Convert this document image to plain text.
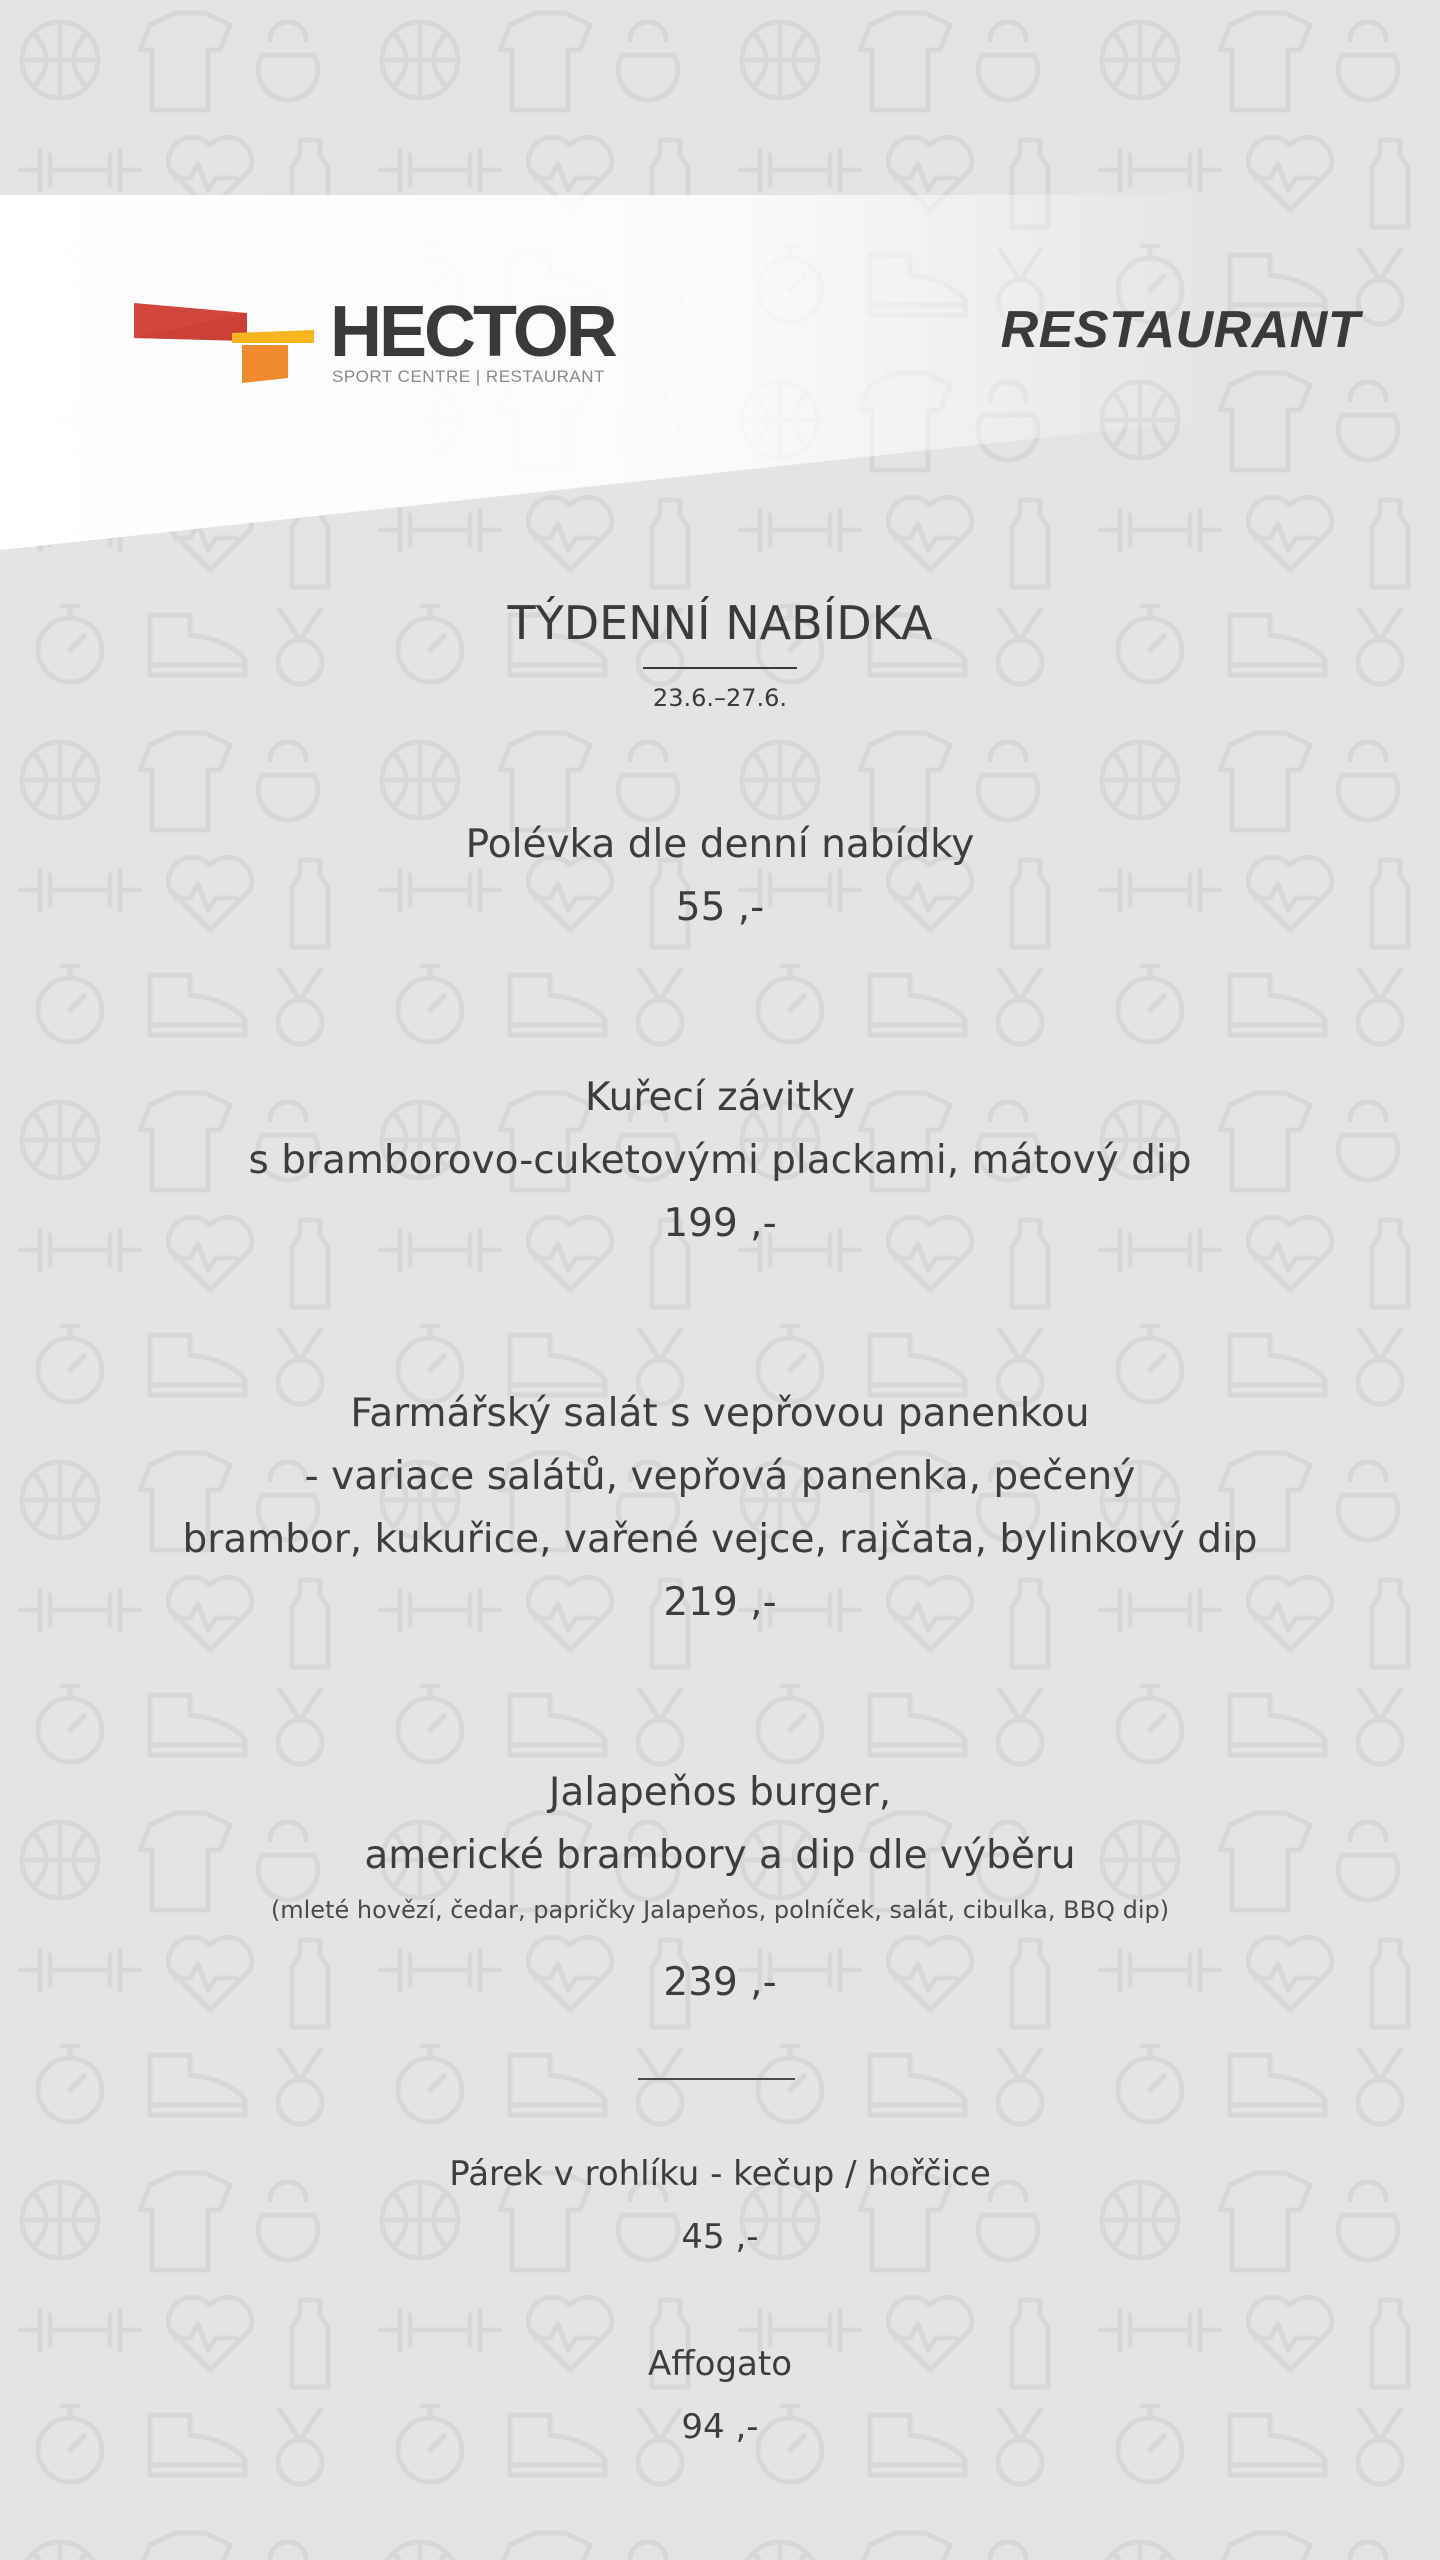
HECTOR
SPORT CENTRE | RESTAURANT
RESTAURANT
TÝDENNÍ NABÍDKA
23.6.–27.6.
Polévka dle denní nabídky
55 ,-
Kuřecí závitky
s bramborovo-cuketovými plackami, mátový dip
199 ,-
Farmářský salát s vepřovou panenkou
- variace salátů, vepřová panenka, pečený
brambor, kukuřice, vařené vejce, rajčata, bylinkový dip
219 ,-
Jalapeňos burger,
americké brambory a dip dle výběru
(mleté hovězí, čedar, papričky Jalapeňos, polníček, salát, cibulka, BBQ dip)
239 ,-
Párek v rohlíku - kečup / hořčice
45 ,-
Affogato
94 ,-
